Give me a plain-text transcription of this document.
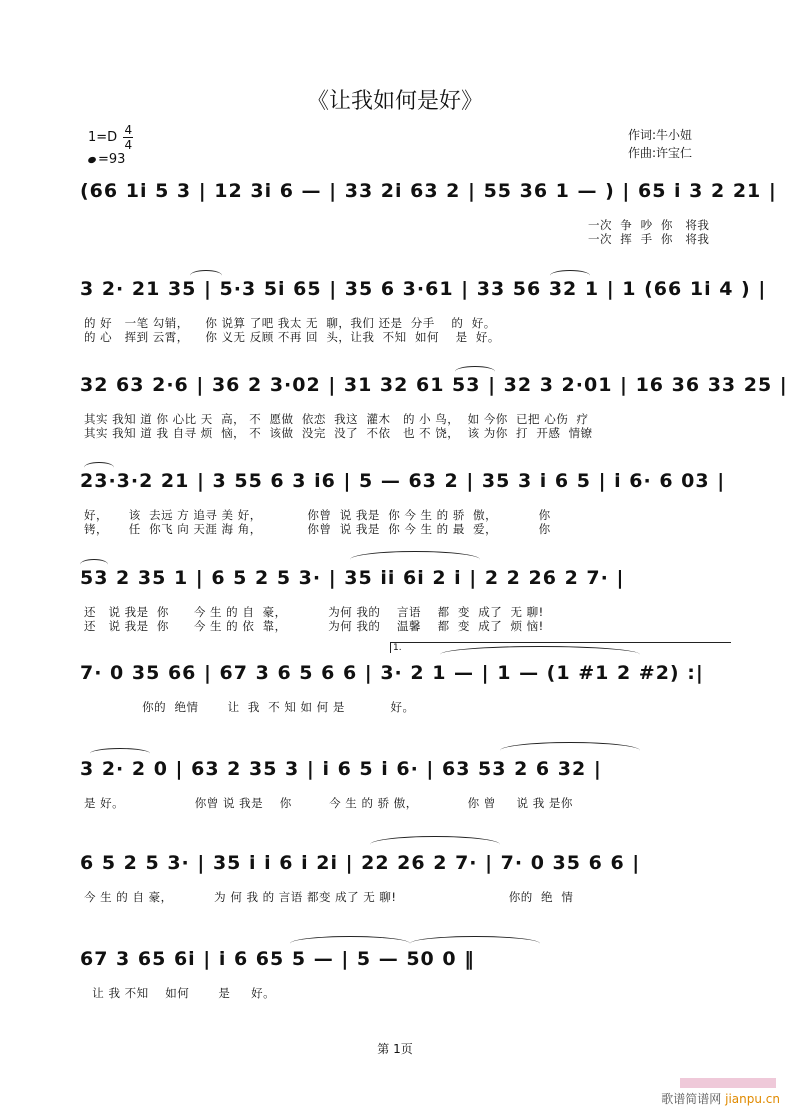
《让我如何是好》
$1=D \frac{4}{4}$
=93
作词:牛小妞
作曲:许宝仁
(66 1i 5 3 | 12 3i 6 — | 33 2i 63 2 | 55 36 1 — ) | 65 i 3 2 21 |
一次  争  吵  你   将我
一次  挥  手  你   将我
3 2· 21 35 | 5·3 5i 65 | 35 6 3·61 | 33 56 32 1 | 1 (66 1i 4 ) |
的 好   一笔 勾销，    你 说算 了吧 我太 无  聊，我们 还是  分手    的  好。
的 心   挥到 云霄，    你 义无 反顾 不再 回  头，让我  不知  如何    是  好。
32 63 2·6 | 36 2 3·02 | 31 32 61 53 | 32 3 2·01 | 16 36 33 25 |
其实 我知 道 你 心比 天  高， 不  愿做  依恋  我这  灌木   的 小 鸟，  如 今你  已把 心伤  疗
其实 我知 道 我 自寻 烦  恼， 不  该做  没完  没了  不依   也 不 饶，  该 为你  打  开感  情镣
23·3·2 21 | 3 55 6 3 i6 | 5 — 63 2 | 35 3 i 6 5 | i 6· 6 03 |
好，     该  去远 方 追寻 美 好，           你曾  说 我是  你 今 生 的 骄  傲，          你
铐，     任  你飞 向 天涯 海 角，           你曾  说 我是  你 今 生 的 最  爱，          你
53 2 35 1 | 6 5 2 5 3· | 35 ii 6i 2 i | 2 2 26 2 7· |
还   说 我是  你      今 生 的 自  豪，          为何 我的    言语    都  变  成了  无 聊!
还   说 我是  你      今 生 的 依  靠，          为何 我的    温馨    都  变  成了  烦 恼!
1.
7· 0 35 66 | 67 3 6 5 6 6 | 3· 2 1 — | 1 — (1 #1 2 #2) :|
你的  绝情       让  我  不 知 如 何 是           好。
3 2· 2 0 | 63 2 35 3 | i 6 5 i 6· | 63 53 2 6 32 |
是 好。                 你曾 说 我是    你         今 生 的 骄 傲，            你 曾     说 我 是你
6 5 2 5 3· | 35 i i 6 i 2i | 22 26 2 7· | 7· 0 35 6 6 |
今 生 的 自 豪，          为 何 我 的 言语 都变 成了 无 聊!                           你的  绝  情
67 3 65 6i | i 6 65 5 — | 5 — 50 0 ‖
让 我 不知    如何       是     好。
第 1页
歌谱简谱网 jianpu.cn
